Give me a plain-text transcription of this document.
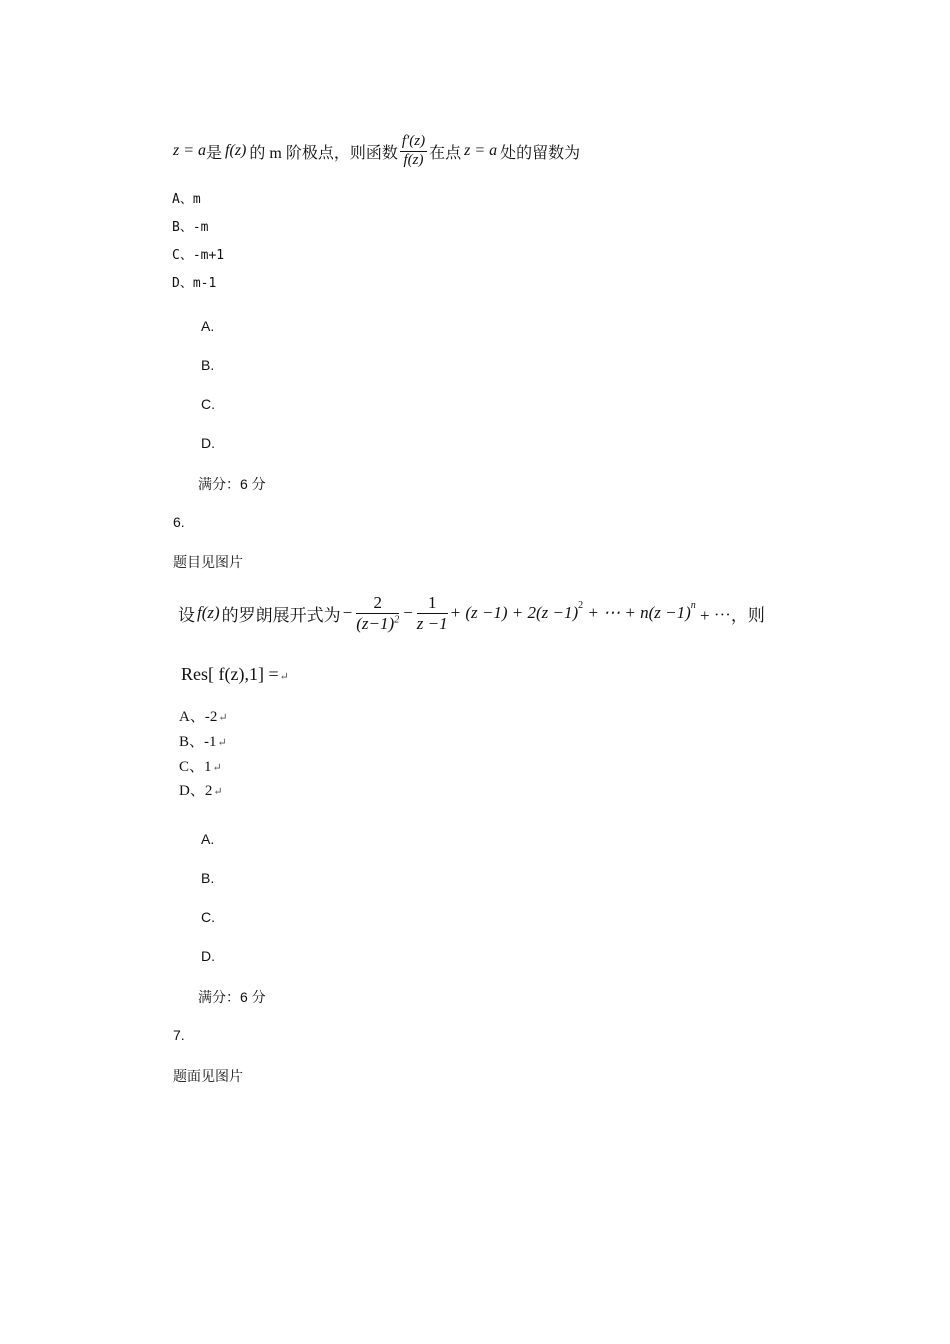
z = a 是 f(z) 的 m 阶极点，则函数 $\frac{f'(z)}{f(z)}$ 在点 z = a 处的留数为
A、m
B、-m
C、-m+1
D、m-1
A.
B.
C.
D.
满分：6 分
6.
题目见图片
设 f(z) 的罗朗展开式为 − $\frac{2}{(z-1)^2} - \frac{1}{z -1} + (z -1) + 2(z -1)^2$ + ⋯ + $n(z -1)^n$ + ⋯，则
Res[ f(z),1] =↵
A、-2↵
B、-1↵
C、1↵
D、2↵
A.
B.
C.
D.
满分：6 分
7.
题面见图片
